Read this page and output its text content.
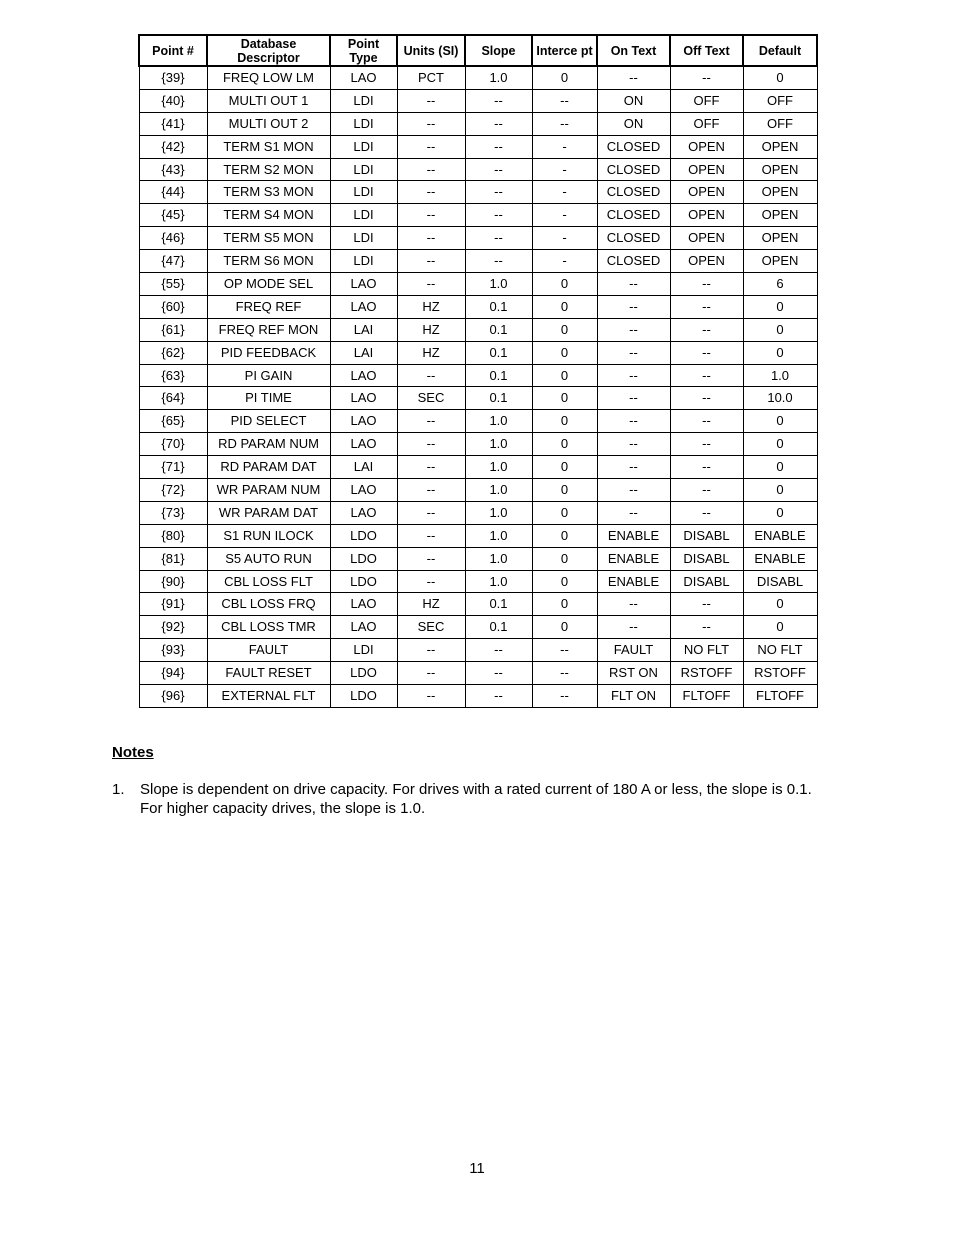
Point #	Database Descriptor	Point Type	Units (SI)	Slope	Interce pt	On Text	Off Text	Default
{39}	FREQ LOW LM	LAO	PCT	1.0	0	--	--	0
{40}	MULTI OUT 1	LDI	--	--	--	ON	OFF	OFF
{41}	MULTI OUT 2	LDI	--	--	--	ON	OFF	OFF
{42}	TERM S1 MON	LDI	--	--	-	CLOSED	OPEN	OPEN
{43}	TERM S2 MON	LDI	--	--	-	CLOSED	OPEN	OPEN
{44}	TERM S3 MON	LDI	--	--	-	CLOSED	OPEN	OPEN
{45}	TERM S4 MON	LDI	--	--	-	CLOSED	OPEN	OPEN
{46}	TERM S5 MON	LDI	--	--	-	CLOSED	OPEN	OPEN
{47}	TERM S6 MON	LDI	--	--	-	CLOSED	OPEN	OPEN
{55}	OP MODE SEL	LAO	--	1.0	0	--	--	6
{60}	FREQ REF	LAO	HZ	0.1	0	--	--	0
{61}	FREQ REF MON	LAI	HZ	0.1	0	--	--	0
{62}	PID FEEDBACK	LAI	HZ	0.1	0	--	--	0
{63}	PI GAIN	LAO	--	0.1	0	--	--	1.0
{64}	PI TIME	LAO	SEC	0.1	0	--	--	10.0
{65}	PID SELECT	LAO	--	1.0	0	--	--	0
{70}	RD PARAM NUM	LAO	--	1.0	0	--	--	0
{71}	RD PARAM DAT	LAI	--	1.0	0	--	--	0
{72}	WR PARAM NUM	LAO	--	1.0	0	--	--	0
{73}	WR PARAM DAT	LAO	--	1.0	0	--	--	0
{80}	S1 RUN ILOCK	LDO	--	1.0	0	ENABLE	DISABL	ENABLE
{81}	S5 AUTO RUN	LDO	--	1.0	0	ENABLE	DISABL	ENABLE
{90}	CBL LOSS FLT	LDO	--	1.0	0	ENABLE	DISABL	DISABL
{91}	CBL LOSS FRQ	LAO	HZ	0.1	0	--	--	0
{92}	CBL LOSS TMR	LAO	SEC	0.1	0	--	--	0
{93}	FAULT	LDI	--	--	--	FAULT	NO FLT	NO FLT
{94}	FAULT RESET	LDO	--	--	--	RST ON	RSTOFF	RSTOFF
{96}	EXTERNAL FLT	LDO	--	--	--	FLT ON	FLTOFF	FLTOFF
Notes
1. Slope is dependent on drive capacity. For drives with a rated current of 180 A or less, the slope is 0.1. For higher capacity drives, the slope is 1.0.
11
